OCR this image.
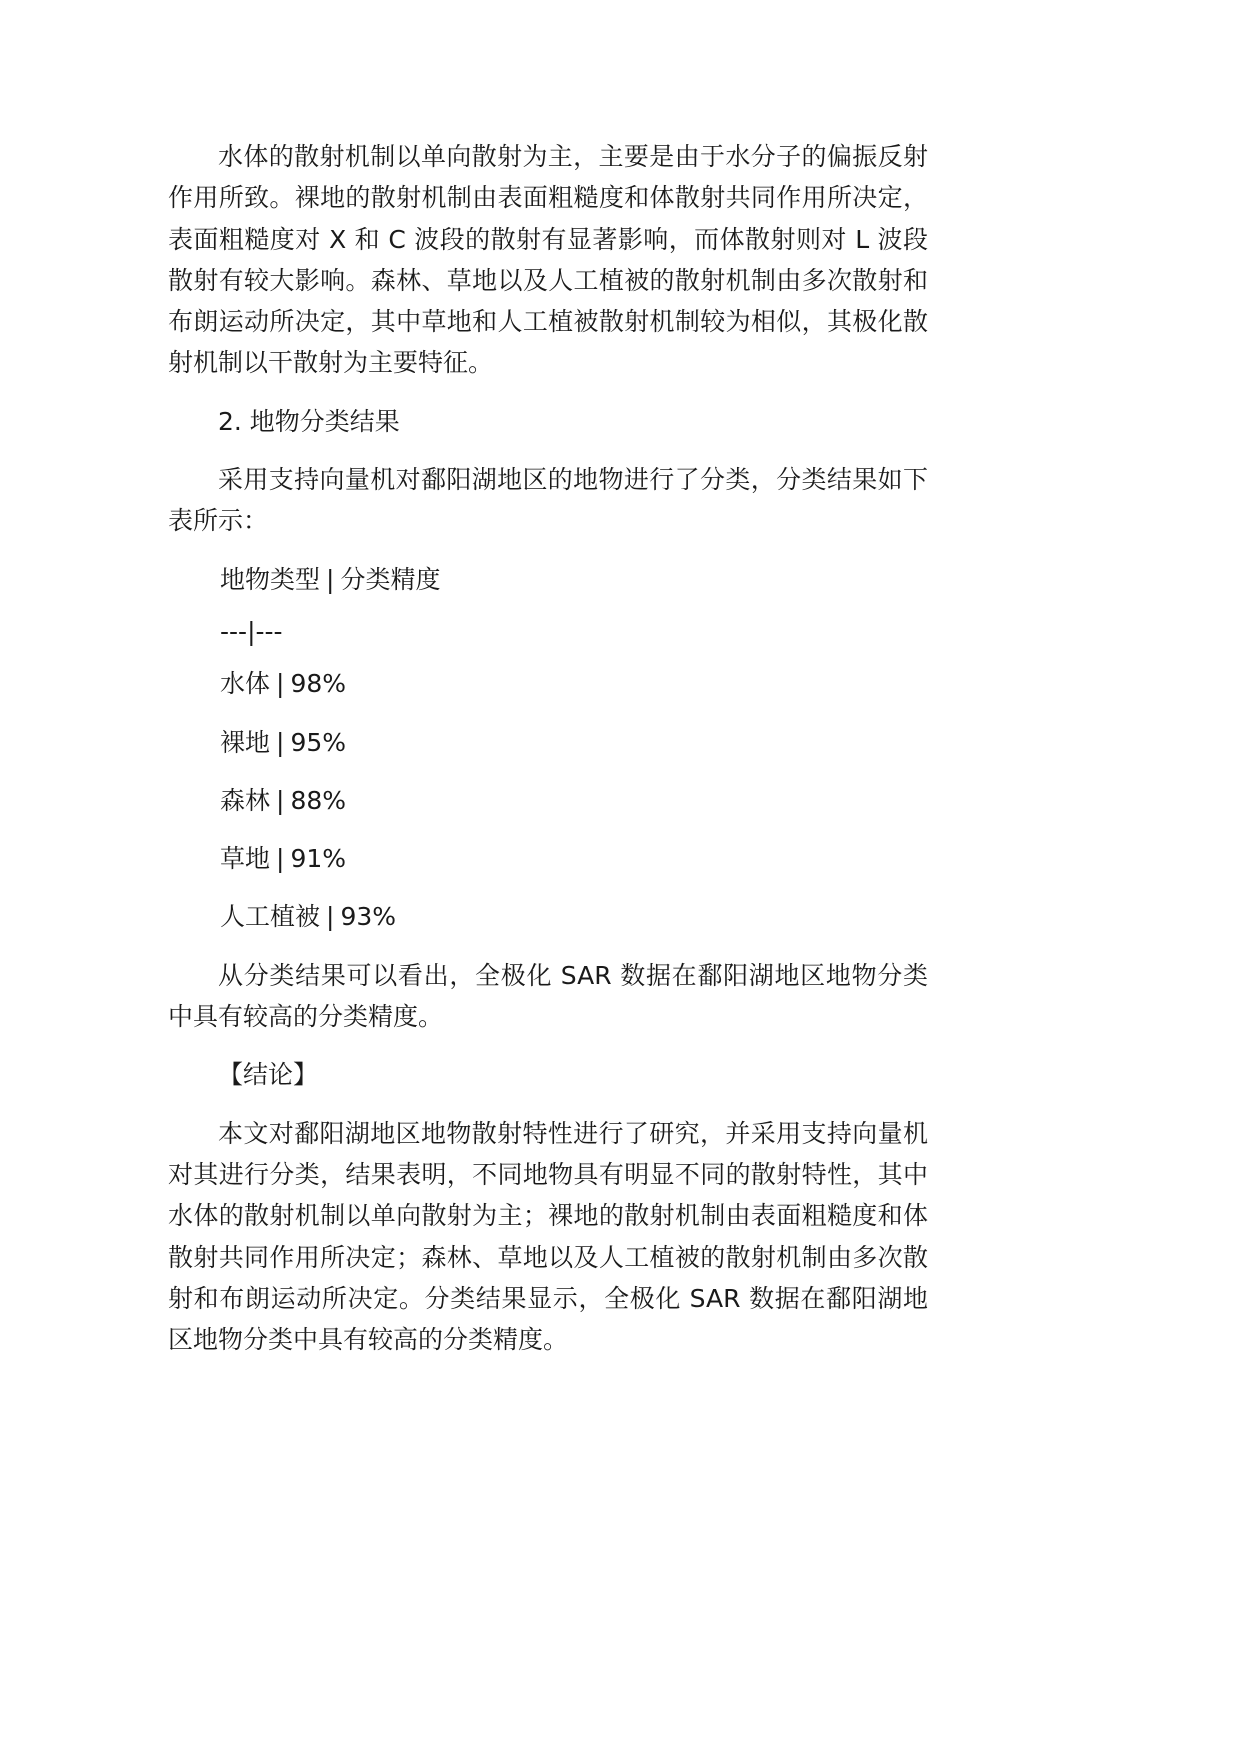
水体的散射机制以单向散射为主，主要是由于水分子的偏振反射作用所致。裸地的散射机制由表面粗糙度和体散射共同作用所决定，表面粗糙度对 X 和 C 波段的散射有显著影响，而体散射则对 L 波段散射有较大影响。森林、草地以及人工植被的散射机制由多次散射和布朗运动所决定，其中草地和人工植被散射机制较为相似，其极化散射机制以干散射为主要特征。

2. 地物分类结果

采用支持向量机对鄱阳湖地区的地物进行了分类，分类结果如下表所示：

地物类型 | 分类精度
---|---
水体 | 98%
裸地 | 95%
森林 | 88%
草地 | 91%
人工植被 | 93%

从分类结果可以看出，全极化 SAR 数据在鄱阳湖地区地物分类中具有较高的分类精度。

【结论】

本文对鄱阳湖地区地物散射特性进行了研究，并采用支持向量机对其进行分类，结果表明，不同地物具有明显不同的散射特性，其中水体的散射机制以单向散射为主；裸地的散射机制由表面粗糙度和体散射共同作用所决定；森林、草地以及人工植被的散射机制由多次散射和布朗运动所决定。分类结果显示，全极化 SAR 数据在鄱阳湖地区地物分类中具有较高的分类精度。
